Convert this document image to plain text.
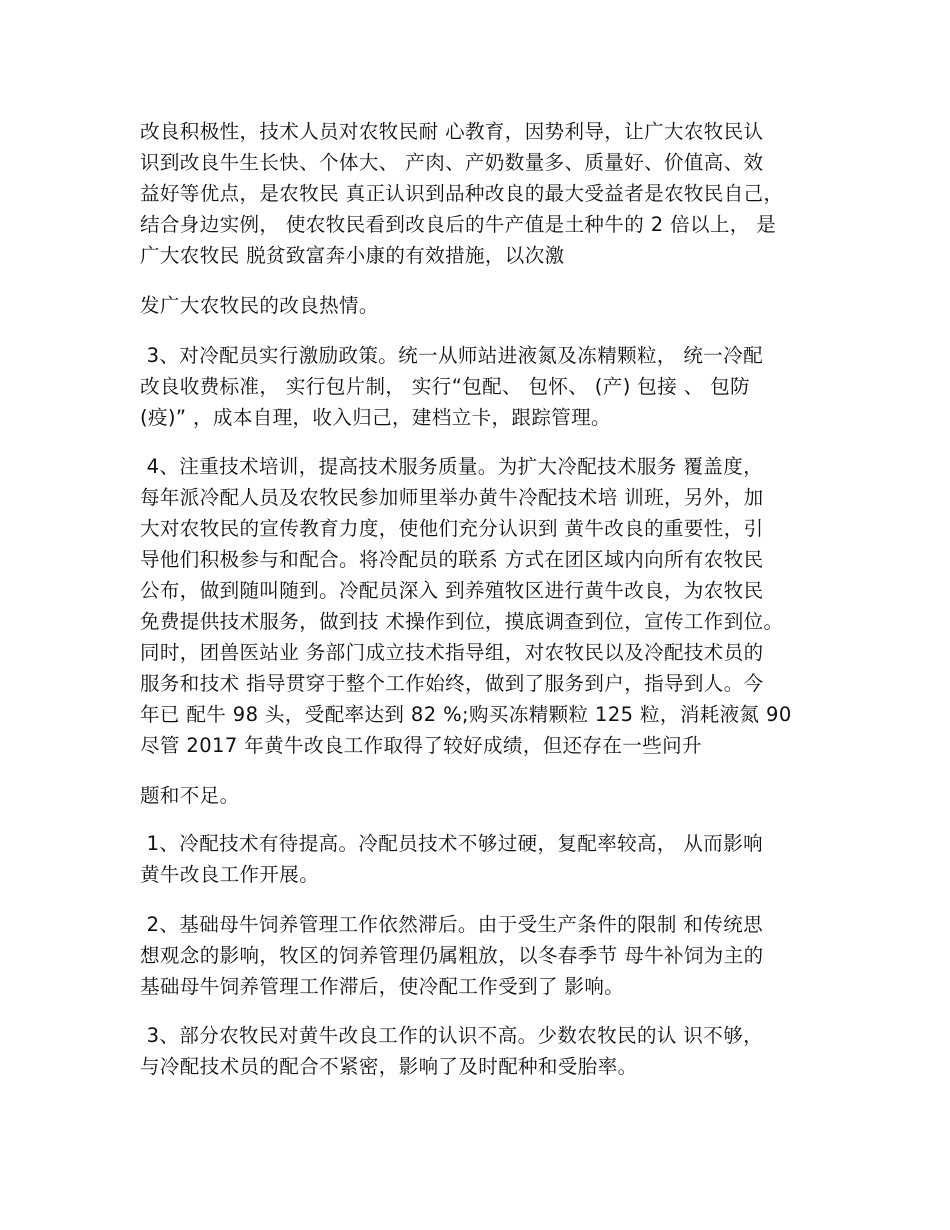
改良积极性，技术人员对农牧民耐 心教育，因势利导，让广大农牧民认
识到改良牛生长快、个体大、 产肉、产奶数量多、质量好、价值高、效
益好等优点，是农牧民 真正认识到品种改良的最大受益者是农牧民自己，
结合身边实例， 使农牧民看到改良后的牛产值是土种牛的 2 倍以上， 是
广大农牧民 脱贫致富奔小康的有效措施，以次激
发广大农牧民的改良热情。
3、对冷配员实行激励政策。统一从师站进液氮及冻精颗粒， 统一冷配
改良收费标准， 实行包片制， 实行“包配、 包怀、 (产) 包接 、 包防
(疫)” ，成本自理，收入归己，建档立卡，跟踪管理。
4、注重技术培训，提高技术服务质量。为扩大冷配技术服务 覆盖度，
每年派冷配人员及农牧民参加师里举办黄牛冷配技术培 训班，另外，加
大对农牧民的宣传教育力度，使他们充分认识到 黄牛改良的重要性，引
导他们积极参与和配合。将冷配员的联系 方式在团区域内向所有农牧民
公布，做到随叫随到。冷配员深入 到养殖牧区进行黄牛改良，为农牧民
免费提供技术服务，做到技 术操作到位，摸底调查到位，宣传工作到位。
同时，团兽医站业 务部门成立技术指导组，对农牧民以及冷配技术员的
服务和技术 指导贯穿于整个工作始终，做到了服务到户，指导到人。今
年已 配牛 98 头，受配率达到 82 %;购买冻精颗粒 125 粒，消耗液氮 90
尽管 2017 年黄牛改良工作取得了较好成绩，但还存在一些问升
题和不足。
1、冷配技术有待提高。冷配员技术不够过硬，复配率较高， 从而影响
黄牛改良工作开展。
2、基础母牛饲养管理工作依然滞后。由于受生产条件的限制 和传统思
想观念的影响，牧区的饲养管理仍属粗放，以冬春季节 母牛补饲为主的
基础母牛饲养管理工作滞后，使冷配工作受到了 影响。
3、部分农牧民对黄牛改良工作的认识不高。少数农牧民的认 识不够，
与冷配技术员的配合不紧密，影响了及时配种和受胎率。
